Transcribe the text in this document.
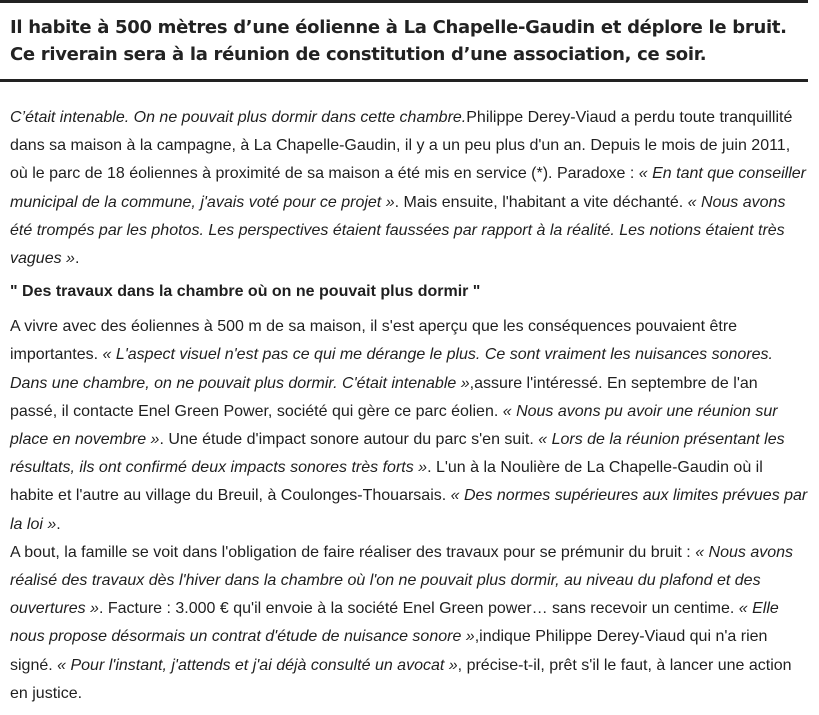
Il habite à 500 mètres d’une éolienne à La Chapelle-Gaudin et déplore le bruit. Ce riverain sera à la réunion de constitution d’une association, ce soir.

C’était intenable. On ne pouvait plus dormir dans cette chambre.Philippe Derey-Viaud a perdu toute tranquillité dans sa maison à la campagne, à La Chapelle-Gaudin, il y a un peu plus d'un an. Depuis le mois de juin 2011, où le parc de 18 éoliennes à proximité de sa maison a été mis en service (*). Paradoxe : « En tant que conseiller municipal de la commune, j'avais voté pour ce projet ». Mais ensuite, l'habitant a vite déchanté. « Nous avons été trompés par les photos. Les perspectives étaient faussées par rapport à la réalité. Les notions étaient très vagues ».

" Des travaux dans la chambre où on ne pouvait plus dormir "

A vivre avec des éoliennes à 500 m de sa maison, il s'est aperçu que les conséquences pouvaient être importantes. « L'aspect visuel n'est pas ce qui me dérange le plus. Ce sont vraiment les nuisances sonores. Dans une chambre, on ne pouvait plus dormir. C'était intenable »,assure l'intéressé. En septembre de l'an passé, il contacte Enel Green Power, société qui gère ce parc éolien. « Nous avons pu avoir une réunion sur place en novembre ». Une étude d'impact sonore autour du parc s'en suit. « Lors de la réunion présentant les résultats, ils ont confirmé deux impacts sonores très forts ». L'un à la Noulière de La Chapelle-Gaudin où il habite et l'autre au village du Breuil, à Coulonges-Thouarsais. « Des normes supérieures aux limites prévues par la loi ».

A bout, la famille se voit dans l'obligation de faire réaliser des travaux pour se prémunir du bruit : « Nous avons réalisé des travaux dès l'hiver dans la chambre où l'on ne pouvait plus dormir, au niveau du plafond et des ouvertures ». Facture : 3.000 € qu'il envoie à la société Enel Green power… sans recevoir un centime. « Elle nous propose désormais un contrat d'étude de nuisance sonore »,indique Philippe Derey-Viaud qui n'a rien signé. « Pour l'instant, j'attends et j'ai déjà consulté un avocat », précise-t-il, prêt s'il le faut, à lancer une action en justice.
